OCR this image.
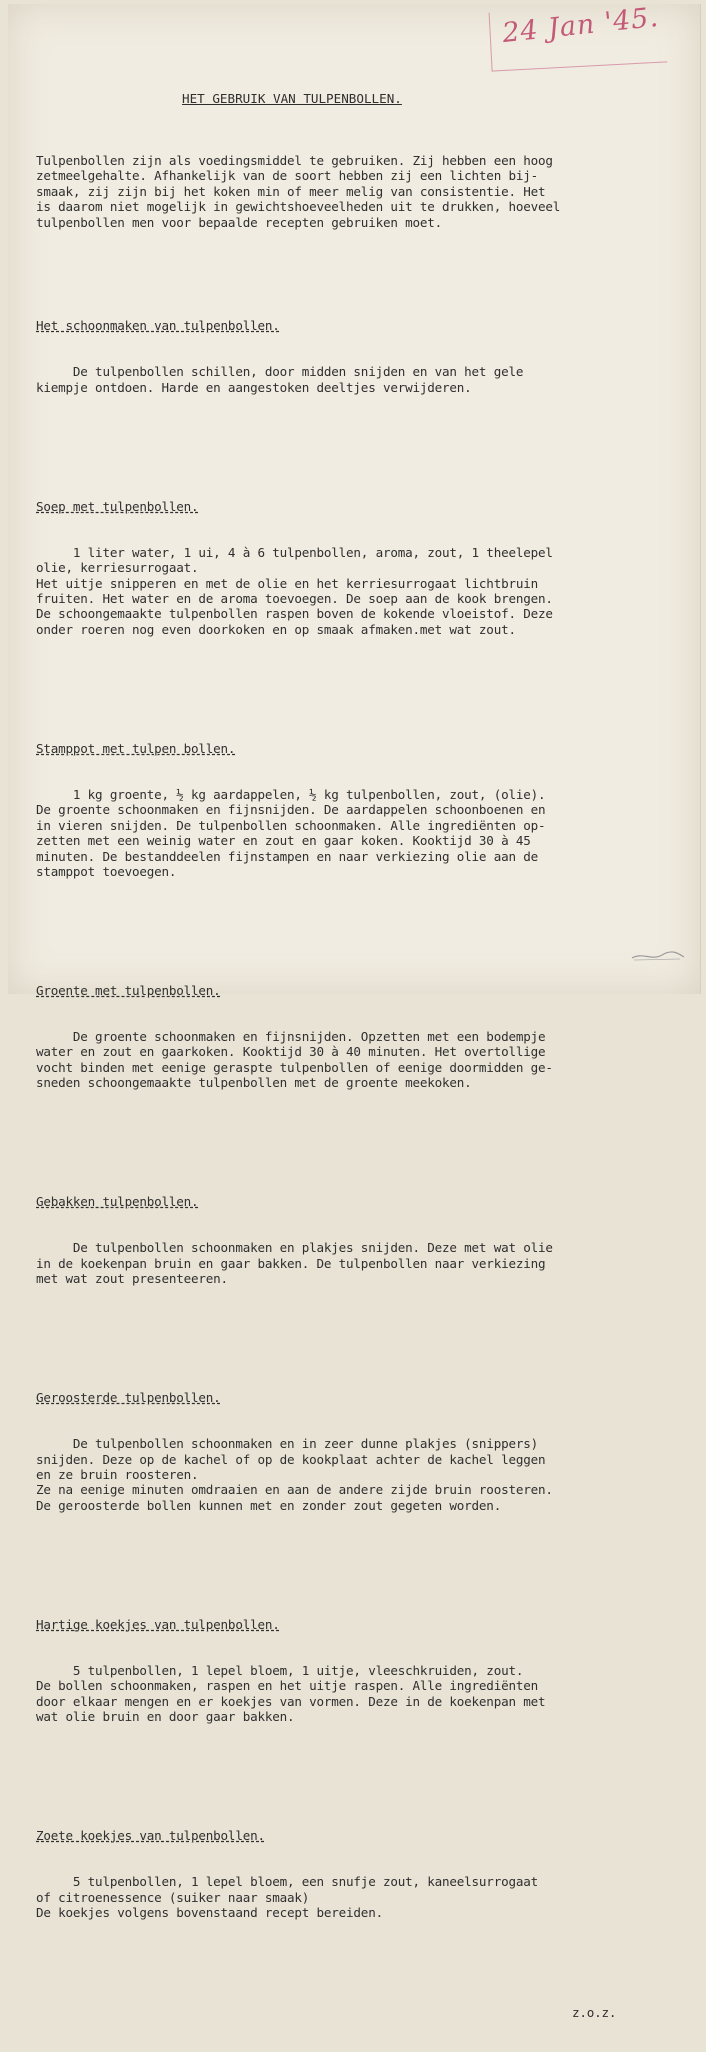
24 Jan '45.

HET GEBRUIK VAN TULPENBOLLEN.

Tulpenbollen zijn als voedingsmiddel te gebruiken. Zij hebben een hoog
zetmeelgehalte. Afhankelijk van de soort hebben zij een lichten bij-
smaak, zij zijn bij het koken min of meer melig van consistentie. Het
is daarom niet mogelijk in gewichtshoeveelheden uit te drukken, hoeveel
tulpenbollen men voor bepaalde recepten gebruiken moet.

Het schoonmaken van tulpenbollen.

De tulpenbollen schillen, door midden snijden en van het gele
kiempje ontdoen. Harde en aangestoken deeltjes verwijderen.

Soep met tulpenbollen.

1 liter water, 1 ui, 4 à 6 tulpenbollen, aroma, zout, 1 theelepel
olie, kerriesurrogaat.
Het uitje snipperen en met de olie en het kerriesurrogaat lichtbruin
fruiten. Het water en de aroma toevoegen. De soep aan de kook brengen.
De schoongemaakte tulpenbollen raspen boven de kokende vloeistof. Deze
onder roeren nog even doorkoken en op smaak afmaken.met wat zout.

Stamppot met tulpen bollen.

1 kg groente, ½ kg aardappelen, ½ kg tulpenbollen, zout, (olie).
De groente schoonmaken en fijnsnijden. De aardappelen schoonboenen en
in vieren snijden. De tulpenbollen schoonmaken. Alle ingrediënten op-
zetten met een weinig water en zout en gaar koken. Kooktijd 30 à 45
minuten. De bestanddeelen fijnstampen en naar verkiezing olie aan de
stamppot toevoegen.

Groente met tulpenbollen.

De groente schoonmaken en fijnsnijden. Opzetten met een bodempje
water en zout en gaarkoken. Kooktijd 30 à 40 minuten. Het overtollige
vocht binden met eenige geraspte tulpenbollen of eenige doormidden ge-
sneden schoongemaakte tulpenbollen met de groente meekoken.

Gebakken tulpenbollen.

De tulpenbollen schoonmaken en plakjes snijden. Deze met wat olie
in de koekenpan bruin en gaar bakken. De tulpenbollen naar verkiezing
met wat zout presenteeren.

Geroosterde tulpenbollen.

De tulpenbollen schoonmaken en in zeer dunne plakjes (snippers)
snijden. Deze op de kachel of op de kookplaat achter de kachel leggen
en ze bruin roosteren.
Ze na eenige minuten omdraaien en aan de andere zijde bruin roosteren.
De geroosterde bollen kunnen met en zonder zout gegeten worden.

Hartige koekjes van tulpenbollen.

5 tulpenbollen, 1 lepel bloem, 1 uitje, vleeschkruiden, zout.
De bollen schoonmaken, raspen en het uitje raspen. Alle ingrediënten
door elkaar mengen en er koekjes van vormen. Deze in de koekenpan met
wat olie bruin en door gaar bakken.

Zoete koekjes van tulpenbollen.

5 tulpenbollen, 1 lepel bloem, een snufje zout, kaneelsurrogaat
of citroenessence (suiker naar smaak)
De koekjes volgens bovenstaand recept bereiden.

z.o.z.
